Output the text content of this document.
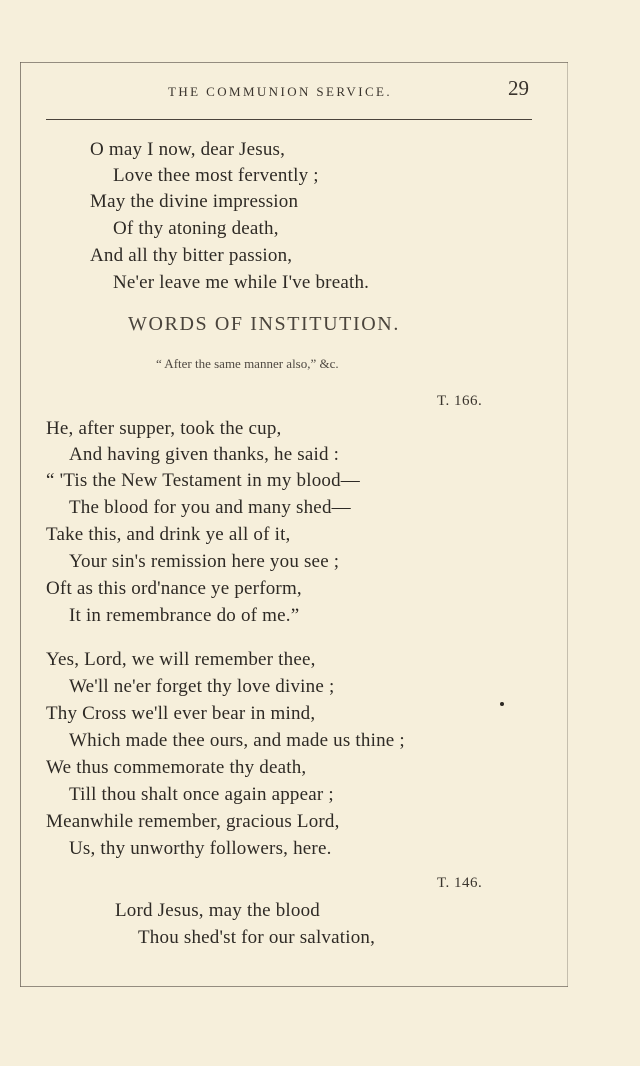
THE COMMUNION SERVICE.	29
O may I now, dear Jesus,
Love thee most fervently ;
May the divine impression
Of thy atoning death,
And all thy bitter passion,
Ne'er leave me while I've breath.
WORDS OF INSTITUTION.
“ After the same manner also,” &c.
T. 166.
He, after supper, took the cup,
And having given thanks, he said :
“ 'Tis the New Testament in my blood—
The blood for you and many shed—
Take this, and drink ye all of it,
Your sin's remission here you see ;
Oft as this ord'nance ye perform,
It in remembrance do of me.”
Yes, Lord, we will remember thee,
We'll ne'er forget thy love divine ;
Thy Cross we'll ever bear in mind,
Which made thee ours, and made us thine ;
We thus commemorate thy death,
Till thou shalt once again appear ;
Meanwhile remember, gracious Lord,
Us, thy unworthy followers, here.
T. 146.
Lord Jesus, may the blood
Thou shed'st for our salvation,
